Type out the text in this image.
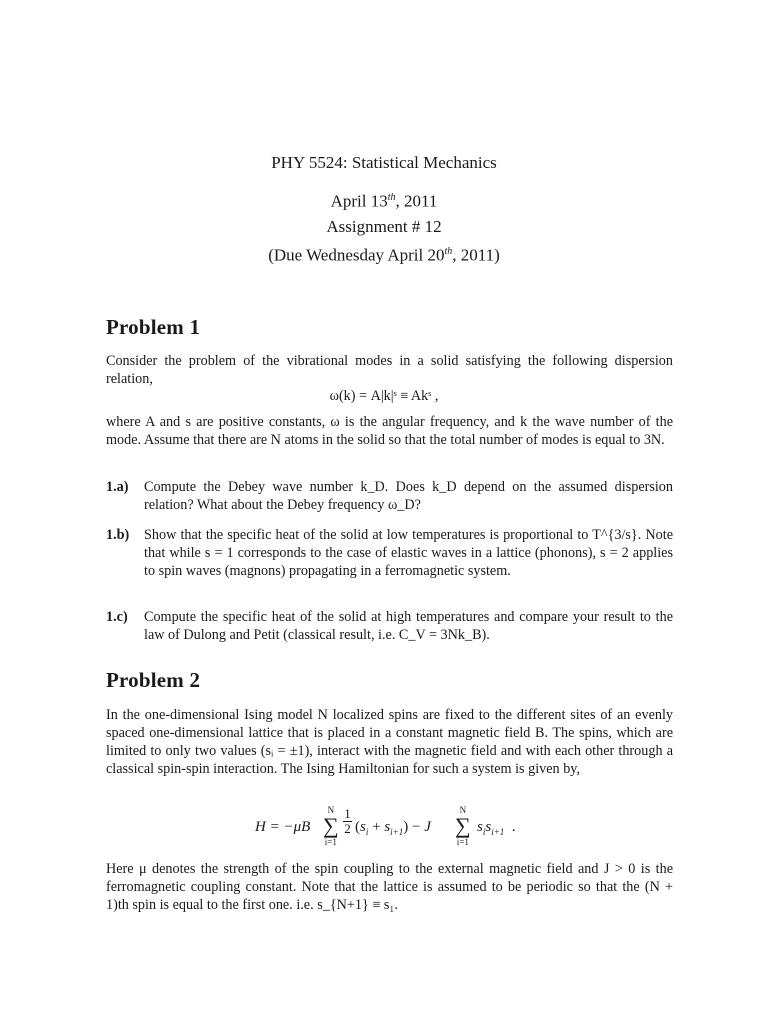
PHY 5524: Statistical Mechanics
April 13th, 2011
Assignment # 12
(Due Wednesday April 20th, 2011)
Problem 1
Consider the problem of the vibrational modes in a solid satisfying the following dispersion relation,
ω(k) = A|k|ˢ ≡ Akˢ ,
where A and s are positive constants, ω is the angular frequency, and k the wave number of the mode. Assume that there are N atoms in the solid so that the total number of modes is equal to 3N.
1.a) Compute the Debey wave number k_D. Does k_D depend on the assumed dispersion relation? What about the Debey frequency ω_D?
1.b) Show that the specific heat of the solid at low temperatures is proportional to T^{3/s}. Note that while s = 1 corresponds to the case of elastic waves in a lattice (phonons), s = 2 applies to spin waves (magnons) propagating in a ferromagnetic system.
1.c) Compute the specific heat of the solid at high temperatures and compare your result to the law of Dulong and Petit (classical result, i.e. C_V = 3Nk_B).
Problem 2
In the one-dimensional Ising model N localized spins are fixed to the different sites of an evenly spaced one-dimensional lattice that is placed in a constant magnetic field B. The spins, which are limited to only two values (sᵢ = ±1), interact with the magnetic field and with each other through a classical spin-spin interaction. The Ising Hamiltonian for such a system is given by,
H = −μB
N
∑
i=1
1
2 $(s_i + s_{i+1}) - J$
N
∑
i=1
$s_is_{i+1}$  .
Here μ denotes the strength of the spin coupling to the external magnetic field and J > 0 is the ferromagnetic coupling constant. Note that the lattice is assumed to be periodic so that the (N + 1)th spin is equal to the first one. i.e. s_{N+1} ≡ s₁.
